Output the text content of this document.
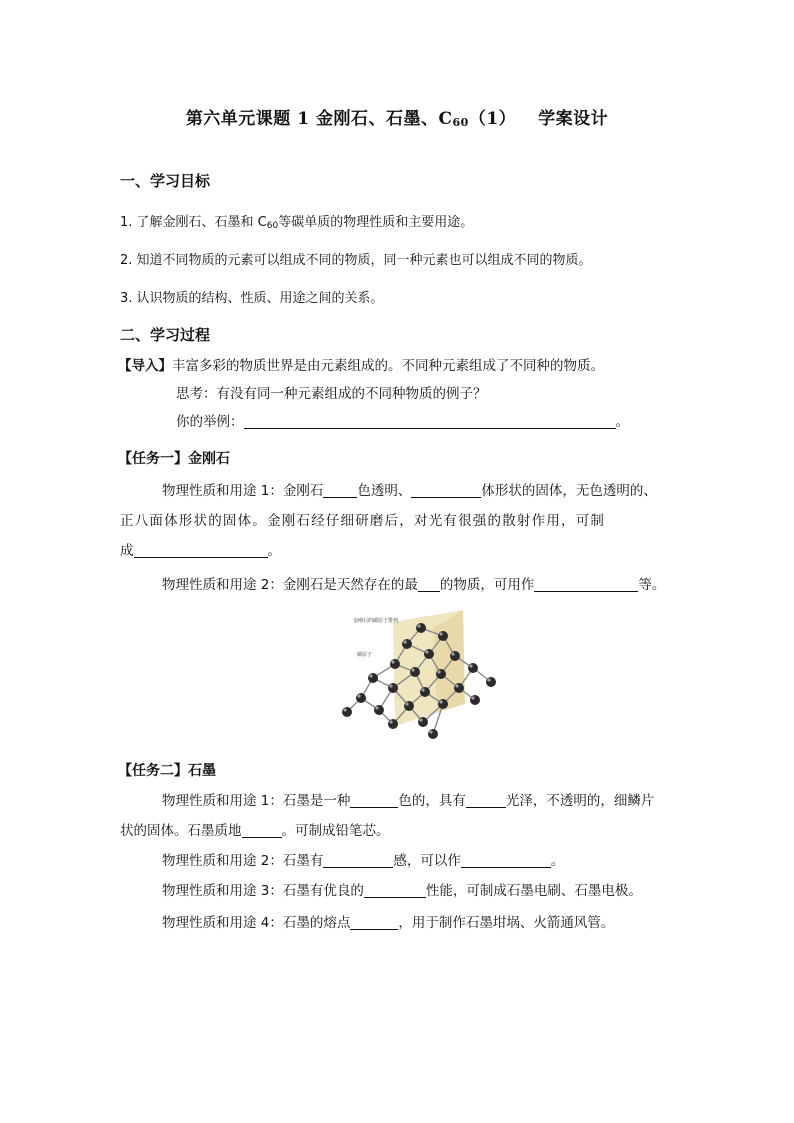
第六单元课题 1 金刚石、石墨、$C_{60}(1)$ 学案设计
一、学习目标
1. 了解金刚石、石墨和 $C_{60}$等碳单质的物理性质和主要用途。
2. 知道不同物质的元素可以组成不同的物质，同一种元素也可以组成不同的物质。
3. 认识物质的结构、性质、用途之间的关系。
二、学习过程
【导入】丰富多彩的物质世界是由元素组成的。不同种元素组成了不同种的物质。
思考：有没有同一种元素组成的不同种物质的例子？
你的举例：	。
【任务一】金刚石
物理性质和用途 1：金刚石	色透明、	体形状的固体，无色透明的、
正八面体形状的固体。金刚石经仔细研磨后，对光有很强的散射作用，可制
成	。
物理性质和用途 2：金刚石是天然存在的最 的物质，可用作	等。
金刚石的碳原子排列
碳原子
【任务二】石墨
物理性质和用途 1：石墨是一种	色的，具有	光泽，不透明的，细鳞片
状的固体。石墨质地	。可制成铅笔芯。
物理性质和用途 2：石墨有	感，可以作	。
物理性质和用途 3：石墨有优良的	性能，可制成石墨电刷、石墨电极。
物理性质和用途 4：石墨的熔点	，用于制作石墨坩埚、火箭通风管。
